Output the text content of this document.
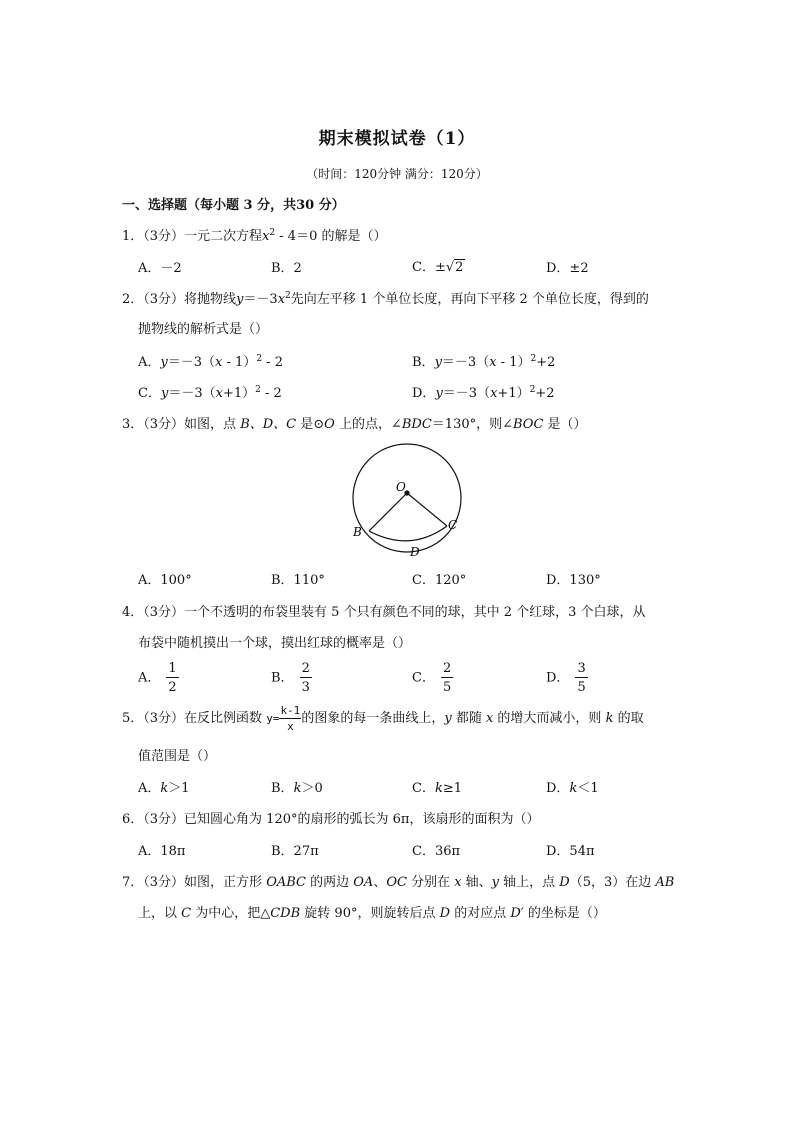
期末模拟试卷（1）
（时间：120分钟 满分：120分）
一、选择题（每小题 3 分，共30 分）
1．（3分）一元二次方程$x^2 - 4=0$ 的解是（）
A．－2	B．2	C．±√2	D．±2
2．（3分）将抛物线$y=-3x^2$先向左平移 1 个单位长度，再向下平移 2 个单位长度，得到的
抛物线的解析式是（）
A．y＝－3（x - 1）$^2$ - 2	B．y＝－3（x - 1）$^2$+2
C．$y=-3(x+1)^2 - 2$	D．$y=-3(x+1)^2+2$
3．（3分）如图，点 B、D、C 是⊙O 上的点，∠BDC＝130°，则∠BOC 是（）
O
B	C
D
A．100°	B．110°	C．120°	D．130°
4．（3分）一个不透明的布袋里装有 5 个只有颜色不同的球，其中 2 个红球，3 个白球，从
布袋中随机摸出一个球，摸出红球的概率是（）
A． $\frac{1}{2}$	B． $\frac{2}{3}$	C． $\frac{2}{5}$	D． $\frac{3}{5}$
5．（3分）在反比例函数 $y= \frac{k-1}{x}$ 的图象的每一条曲线上，y 都随 x 的增大而减小，则 k 的取
值范围是（）
A．k＞1	B．k＞0	C．k≥1	D．k＜1
6．（3分）已知圆心角为 120°的扇形的弧长为 6π，该扇形的面积为（）
A．18π	B．27π	C．36π	D．54π
7．（3分）如图，正方形 OABC 的两边 OA、OC 分别在 x 轴、y 轴上，点 D（5，3）在边 AB
上，以 C 为中心，把△CDB 旋转 90°，则旋转后点 D 的对应点 D′ 的坐标是（）
